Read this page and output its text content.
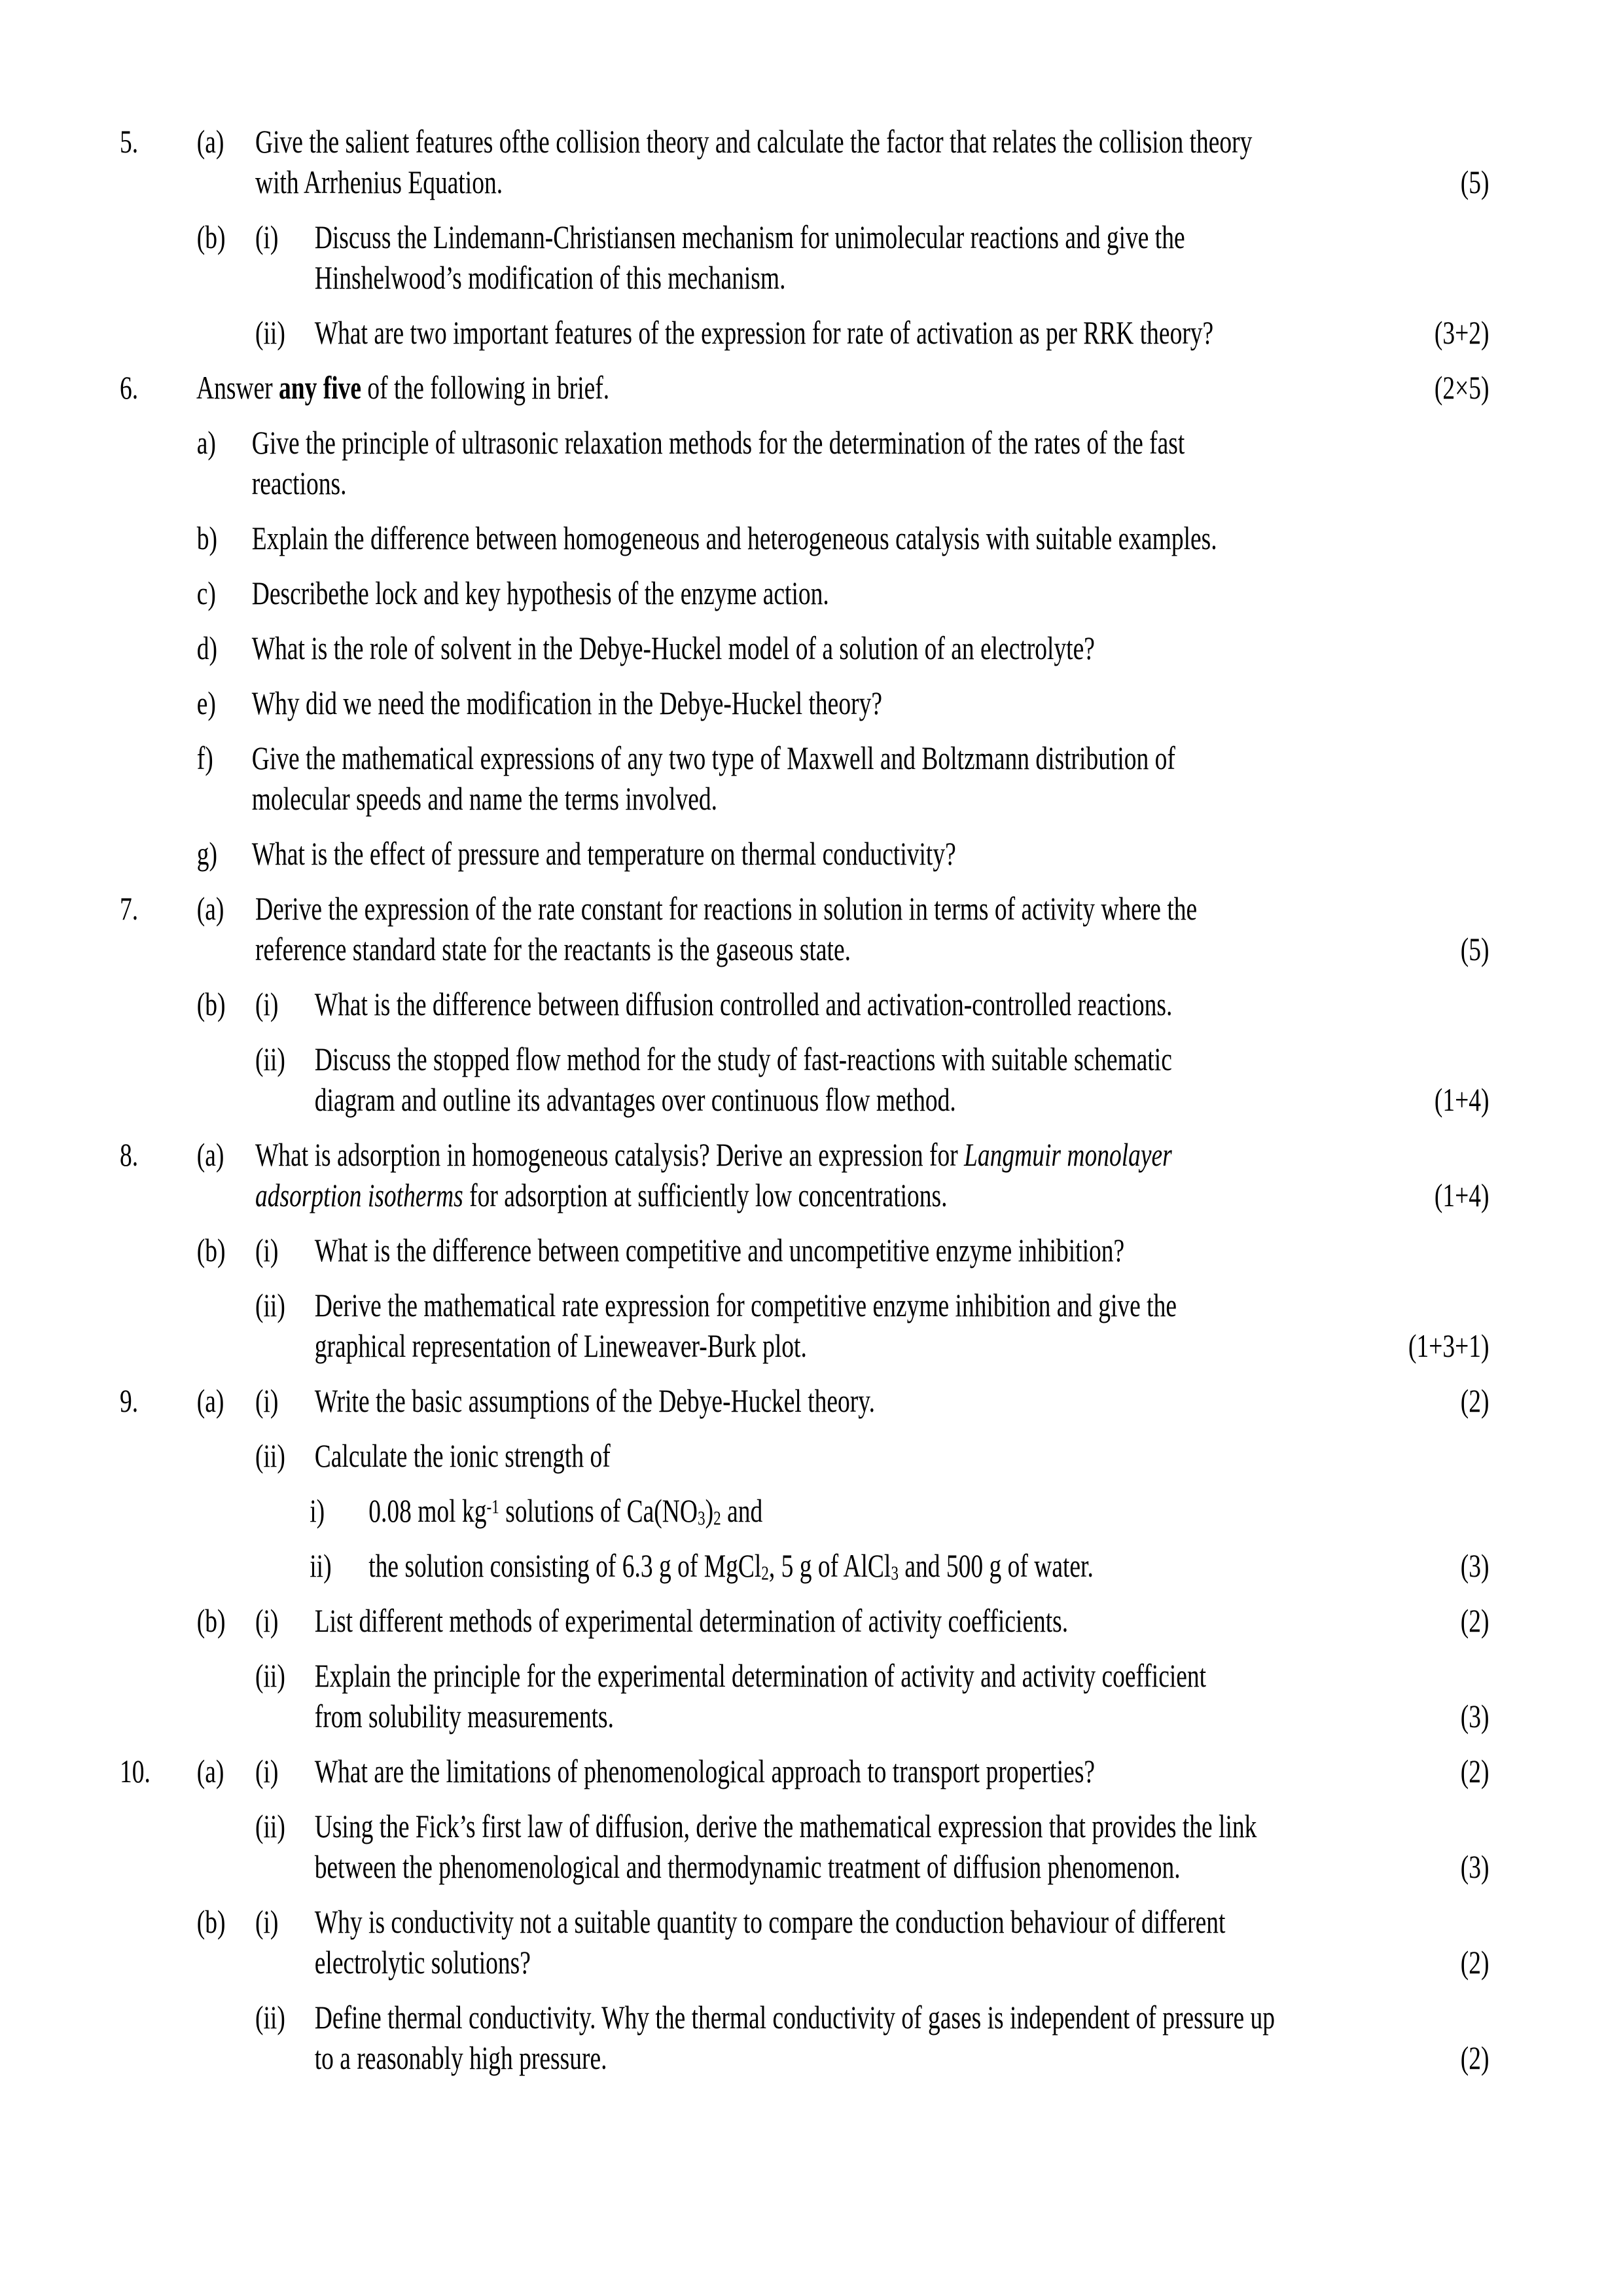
5. (a) Give the salient features ofthe collision theory and calculate the factor that relates the collision theory
with Arrhenius Equation.	(5)
(b) (i) Discuss the Lindemann-Christiansen mechanism for unimolecular reactions and give the
Hinshelwood’s modification of this mechanism.
(ii) What are two important features of the expression for rate of activation as per RRK theory?	(3+2)
6. Answer any five of the following in brief.	(2×5)
a) Give the principle of ultrasonic relaxation methods for the determination of the rates of the fast
reactions.
b) Explain the difference between homogeneous and heterogeneous catalysis with suitable examples.
c) Describethe lock and key hypothesis of the enzyme action.
d) What is the role of solvent in the Debye-Huckel model of a solution of an electrolyte?
e) Why did we need the modification in the Debye-Huckel theory?
f) Give the mathematical expressions of any two type of Maxwell and Boltzmann distribution of
molecular speeds and name the terms involved.
g) What is the effect of pressure and temperature on thermal conductivity?
7. (a) Derive the expression of the rate constant for reactions in solution in terms of activity where the
reference standard state for the reactants is the gaseous state.	(5)
(b) (i) What is the difference between diffusion controlled and activation-controlled reactions.
(ii) Discuss the stopped flow method for the study of fast-reactions with suitable schematic
diagram and outline its advantages over continuous flow method.	(1+4)
8. (a) What is adsorption in homogeneous catalysis? Derive an expression for Langmuir monolayer
adsorption isotherms for adsorption at sufficiently low concentrations.	(1+4)
(b) (i) What is the difference between competitive and uncompetitive enzyme inhibition?
(ii) Derive the mathematical rate expression for competitive enzyme inhibition and give the
graphical representation of Lineweaver-Burk plot.	(1+3+1)
9. (a) (i) Write the basic assumptions of the Debye-Huckel theory.	(2)
(ii) Calculate the ionic strength of
i) 0.08 mol $kg^{-1}$ solutions of $Ca(NO_3)_2$ and
ii) the solution consisting of 6.3 g of MgCl$_2$, 5 g of AlCl$_3$ and 500 g of water.	(3)
(b) (i) List different methods of experimental determination of activity coefficients.	(2)
(ii) Explain the principle for the experimental determination of activity and activity coefficient
from solubility measurements.	(3)
10. (a) (i) What are the limitations of phenomenological approach to transport properties?	(2)
(ii) Using the Fick’s first law of diffusion, derive the mathematical expression that provides the link
between the phenomenological and thermodynamic treatment of diffusion phenomenon.	(3)
(b) (i) Why is conductivity not a suitable quantity to compare the conduction behaviour of different
electrolytic solutions?	(2)
(ii) Define thermal conductivity. Why the thermal conductivity of gases is independent of pressure up
to a reasonably high pressure.	(2)
